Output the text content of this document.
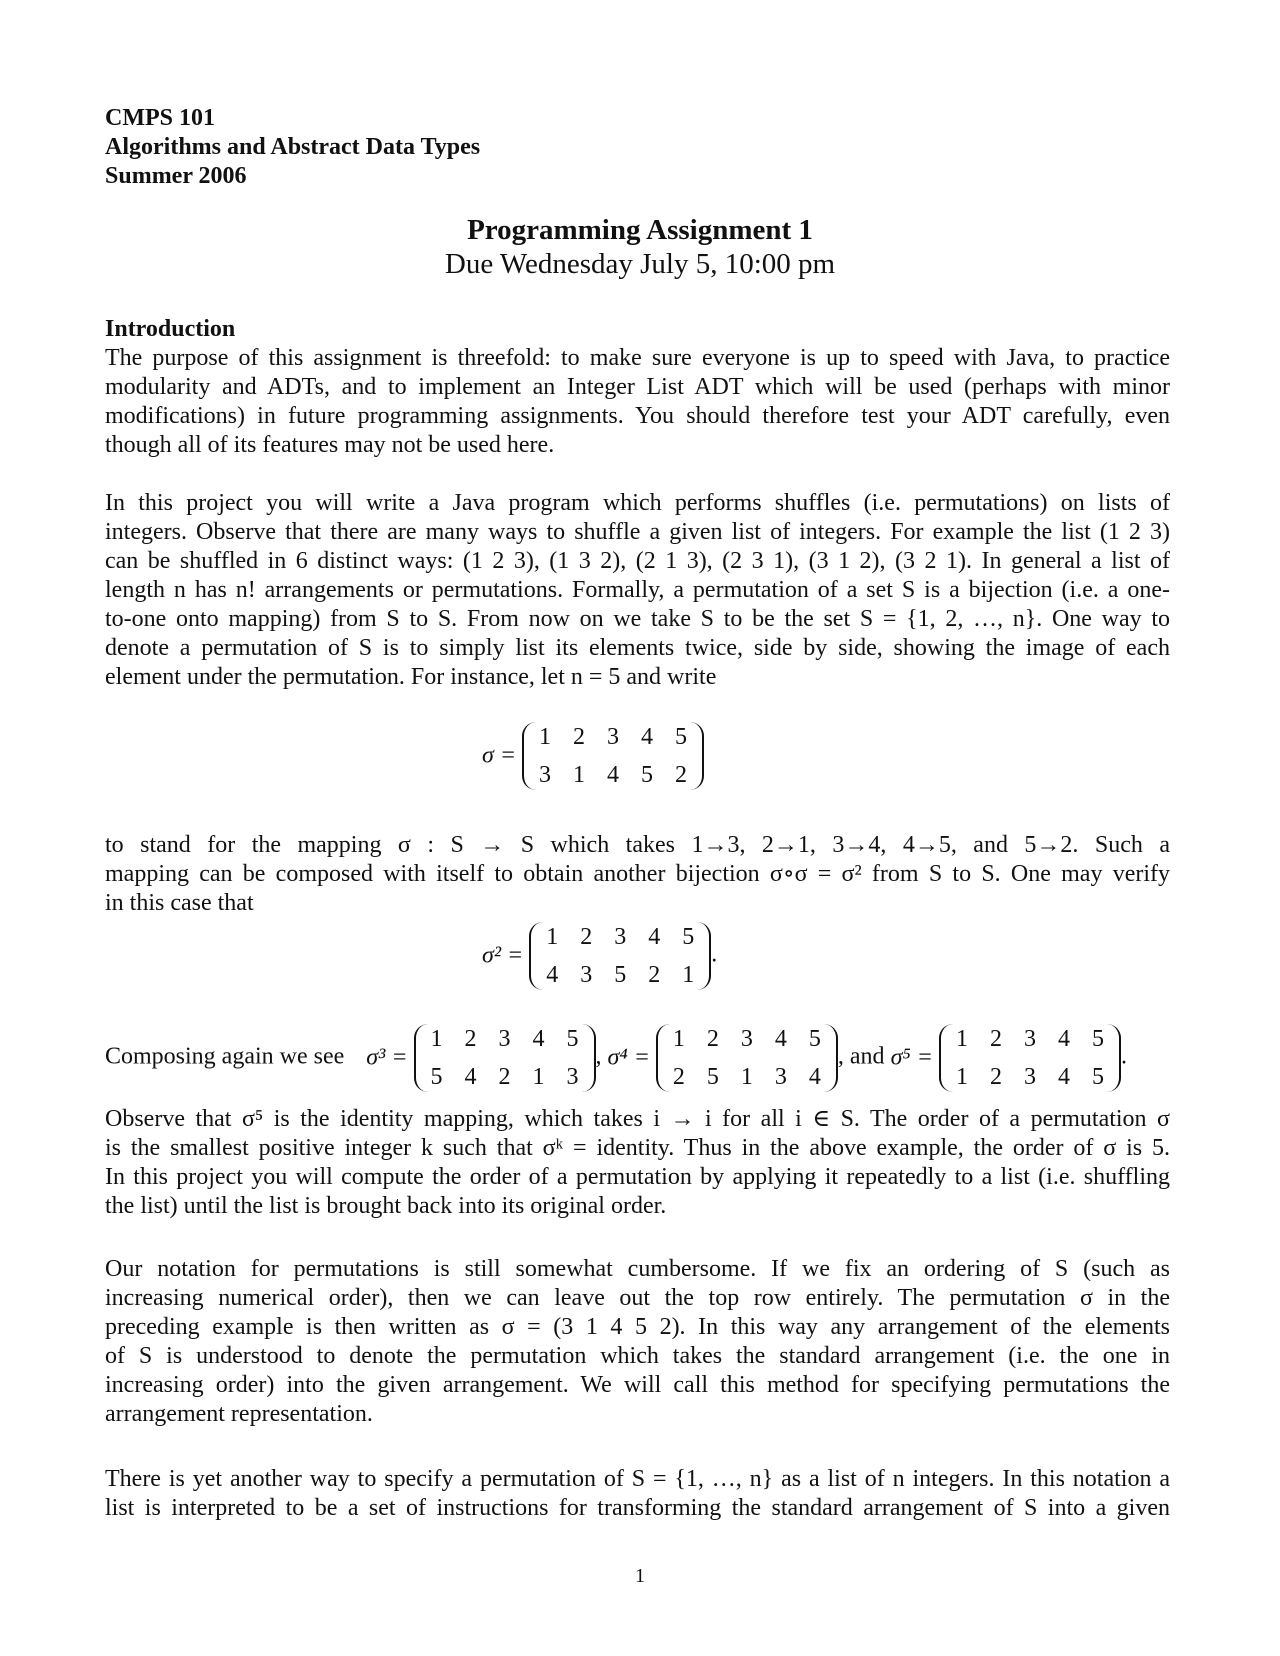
CMPS 101
Algorithms and Abstract Data Types
Summer 2006
Programming Assignment 1
Due Wednesday July 5, 10:00 pm
Introduction
The purpose of this assignment is threefold: to make sure everyone is up to speed with Java, to practice
modularity and ADTs, and to implement an Integer List ADT which will be used (perhaps with minor
modifications) in future programming assignments. You should therefore test your ADT carefully, even
though all of its features may not be used here.
In this project you will write a Java program which performs shuffles (i.e. permutations) on lists of
integers. Observe that there are many ways to shuffle a given list of integers. For example the list (1 2 3)
can be shuffled in 6 distinct ways: (1 2 3), (1 3 2), (2 1 3), (2 3 1), (3 1 2), (3 2 1). In general a list of
length n has n! arrangements or permutations. Formally, a permutation of a set S is a bijection (i.e. a one-
to-one onto mapping) from S to S. From now on we take S to be the set S = {1, 2, …, n}. One way to
denote a permutation of S is to simply list its elements twice, side by side, showing the image of each
element under the permutation. For instance, let n = 5 and write
σ =
1 2 3 4 5
3 1 4 5 2
to stand for the mapping σ : S → S which takes 1→3, 2→1, 3→4, 4→5, and 5→2. Such a
mapping can be composed with itself to obtain another bijection σ∘σ = σ² from S to S. One may verify
in this case that
σ² =
1 2 3 4 5
4 3 5 2 1
.
Composing again we see σ³ =
1 2 3 4 5
5 4 2 1 3
, σ⁴ =
1 2 3 4 5
2 5 1 3 4
, and σ⁵ =
1 2 3 4 5
1 2 3 4 5
.
Observe that σ⁵ is the identity mapping, which takes i → i for all i ∈ S. The order of a permutation σ
is the smallest positive integer k such that σᵏ = identity. Thus in the above example, the order of σ is 5.
In this project you will compute the order of a permutation by applying it repeatedly to a list (i.e. shuffling
the list) until the list is brought back into its original order.
Our notation for permutations is still somewhat cumbersome. If we fix an ordering of S (such as
increasing numerical order), then we can leave out the top row entirely. The permutation σ in the
preceding example is then written as σ = (3 1 4 5 2). In this way any arrangement of the elements
of S is understood to denote the permutation which takes the standard arrangement (i.e. the one in
increasing order) into the given arrangement. We will call this method for specifying permutations the
arrangement representation.
There is yet another way to specify a permutation of S = {1, …, n} as a list of n integers. In this notation a
list is interpreted to be a set of instructions for transforming the standard arrangement of S into a given
1
